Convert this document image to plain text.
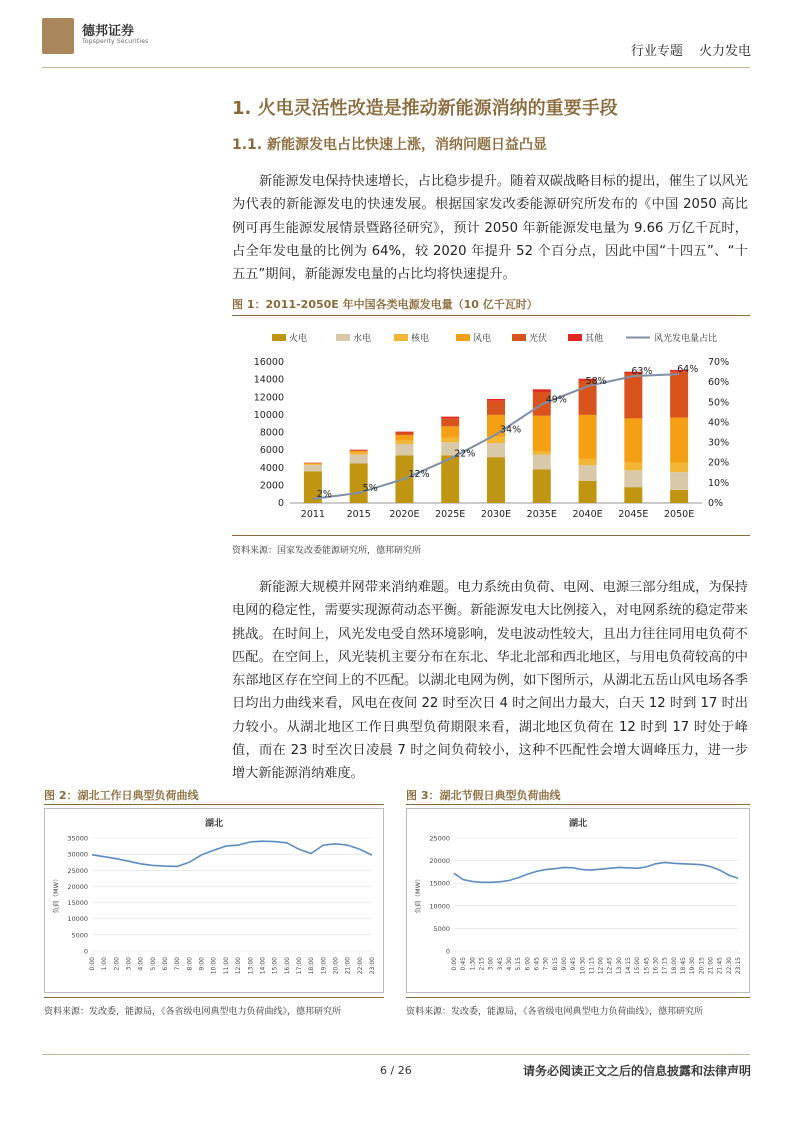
德邦证券
Topsperity Securities
行业专题 火力发电
1. 火电灵活性改造是推动新能源消纳的重要手段
1.1. 新能源发电占比快速上涨，消纳问题日益凸显
新能源发电保持快速增长，占比稳步提升。随着双碳战略目标的提出，催生了以风光为代表的新能源发电的快速发展。根据国家发改委能源研究所发布的《中国 2050 高比例可再生能源发展情景暨路径研究》，预计 2050 年新能源发电量为 9.66 万亿千瓦时，占全年发电量的比例为 64%，较 2020 年提升 52 个百分点，因此中国“十四五”、“十五五”期间，新能源发电量的占比均将快速提升。
图 1：2011-2050E 年中国各类电源发电量（10 亿千瓦时）
火电	水电	核电	风电	光伏	其他	风光发电量占比
0
2000
4000
6000
8000
10000
12000
14000
16000
0%
10%
20%
30%
40%
50%
60%
70%
2011 2015 2020E 2025E 2030E 2035E 2040E 2045E 2050E
2%
5%
12%
22%
34%
49%
58%
63%	64%
资料来源：国家发改委能源研究所，德邦研究所
新能源大规模并网带来消纳难题。电力系统由负荷、电网、电源三部分组成，为保持电网的稳定性，需要实现源荷动态平衡。新能源发电大比例接入，对电网系统的稳定带来挑战。在时间上，风光发电受自然环境影响，发电波动性较大，且出力往往同用电负荷不匹配。在空间上，风光装机主要分布在东北、华北北部和西北地区，与用电负荷较高的中东部地区存在空间上的不匹配。以湖北电网为例，如下图所示，从湖北五岳山风电场各季日均出力曲线来看，风电在夜间 22 时至次日 4 时之间出力最大，白天 12 时到 17 时出力较小。从湖北地区工作日典型负荷期限来看，湖北地区负荷在 12 时到 17 时处于峰值，而在 23 时至次日凌晨 7 时之间负荷较小，这种不匹配性会增大调峰压力，进一步增大新能源消纳难度。
图 2：湖北工作日典型负荷曲线
湖北
0
5000
10000
15000
20000
25000
30000
35000
负荷（MW）
0:00 1:00 2:00 3:00 4:00 5:00 6:00 7:00 8:00 9:00 10:00 11:00 12:00 13:00 14:00 15:00 16:00 17:00 18:00 19:00 20:00 21:00 22:00 23:00
资料来源：发改委，能源局，《各省级电网典型电力负荷曲线》，德邦研究所
图 3：湖北节假日典型负荷曲线
湖北
0
5000
10000
15000
20000
25000
负荷（MW）
0:00 0:45 1:30 2:15 3:00 3:45 4:30 5:15 6:00 6:45 7:30 8:15 9:00 9:45 10:30 11:15 12:00 12:45 13:30 14:15 15:00 15:45 16:30 17:15 18:00 18:45 19:30 20:15 21:00 21:45 22:30 23:15
资料来源：发改委，能源局，《各省级电网典型电力负荷曲线》，德邦研究所
6 / 26	请务必阅读正文之后的信息披露和法律声明
